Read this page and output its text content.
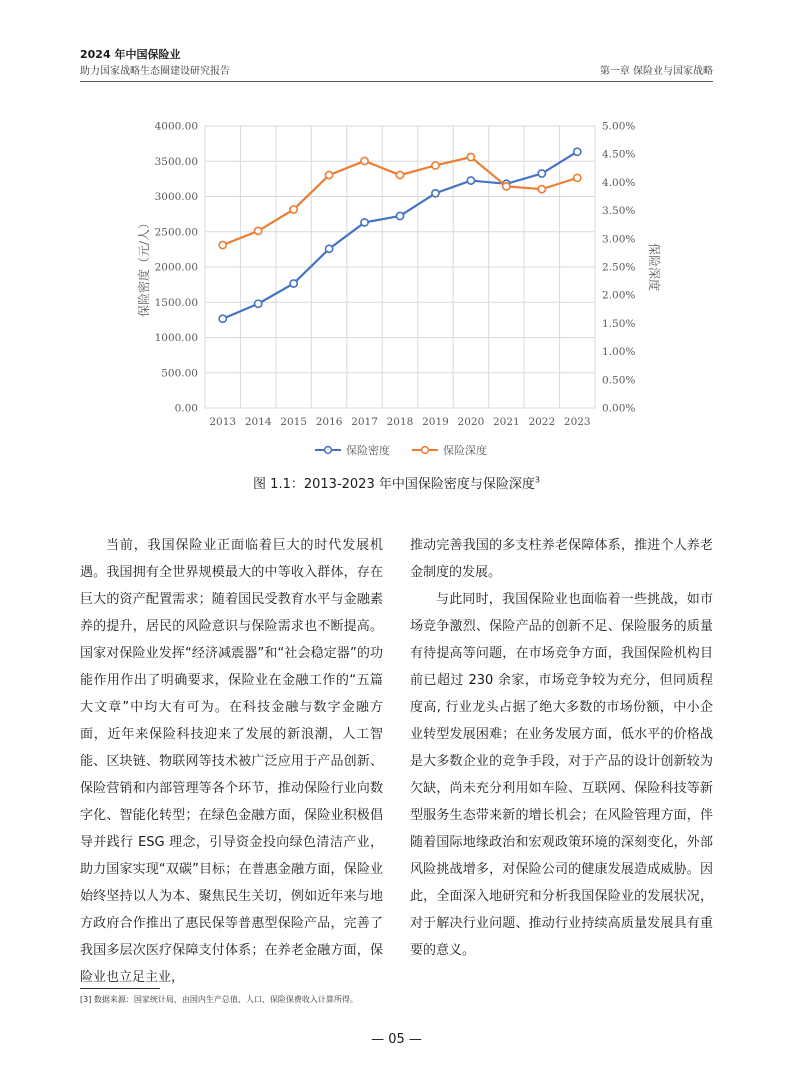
2024 年中国保险业
助力国家战略生态圈建设研究报告	第一章 保险业与国家战略
0.00
500.00
1000.00
1500.00
2000.00
2500.00
3000.00
3500.00
4000.00
0.00%
0.50%
1.00%
1.50%
2.00%
2.50%
3.00%
3.50%
4.00%
4.50%
5.00%
2013 2014 2015 2016 2017 2018 2019 2020 2021 2022 2023
保险密度（元/人）	保险深度
保险密度	保险深度
图 1.1：2013-2023 年中国保险密度与保险深度$^3$

当前，我国保险业正面临着巨大的时代发展机遇。我国拥有全世界规模最大的中等收入群体，存在巨大的资产配置需求；随着国民受教育水平与金融素养的提升，居民的风险意识与保险需求也不断提高。国家对保险业发挥“经济减震器”和“社会稳定器”的功能作用作出了明确要求，保险业在金融工作的“五篇大文章”中均大有可为。在科技金融与数字金融方面，近年来保险科技迎来了发展的新浪潮，人工智能、区块链、物联网等技术被广泛应用于产品创新、保险营销和内部管理等各个环节，推动保险行业向数字化、智能化转型；在绿色金融方面，保险业积极倡导并践行 ESG 理念，引导资金投向绿色清洁产业，助力国家实现“双碳”目标；在普惠金融方面，保险业始终坚持以人为本、聚焦民生关切，例如近年来与地方政府合作推出了惠民保等普惠型保险产品，完善了我国多层次医疗保障支付体系；在养老金融方面，保险业也立足主业，

推动完善我国的多支柱养老保障体系，推进个人养老金制度的发展。

与此同时，我国保险业也面临着一些挑战，如市场竞争激烈、保险产品的创新不足、保险服务的质量有待提高等问题，在市场竞争方面，我国保险机构目前已超过 230 余家，市场竞争较为充分，但同质程度高, 行业龙头占据了绝大多数的市场份额，中小企业转型发展困难；在业务发展方面，低水平的价格战是大多数企业的竞争手段，对于产品的设计创新较为欠缺，尚未充分利用如车险、互联网、保险科技等新型服务生态带来新的增长机会；在风险管理方面，伴随着国际地缘政治和宏观政策环境的深刻变化，外部风险挑战增多，对保险公司的健康发展造成威胁。因此，全面深入地研究和分析我国保险业的发展状况，对于解决行业问题、推动行业持续高质量发展具有重要的意义。

[3] 数据来源：国家统计局，由国内生产总值、人口、保险保费收入计算所得。
— 05 —
